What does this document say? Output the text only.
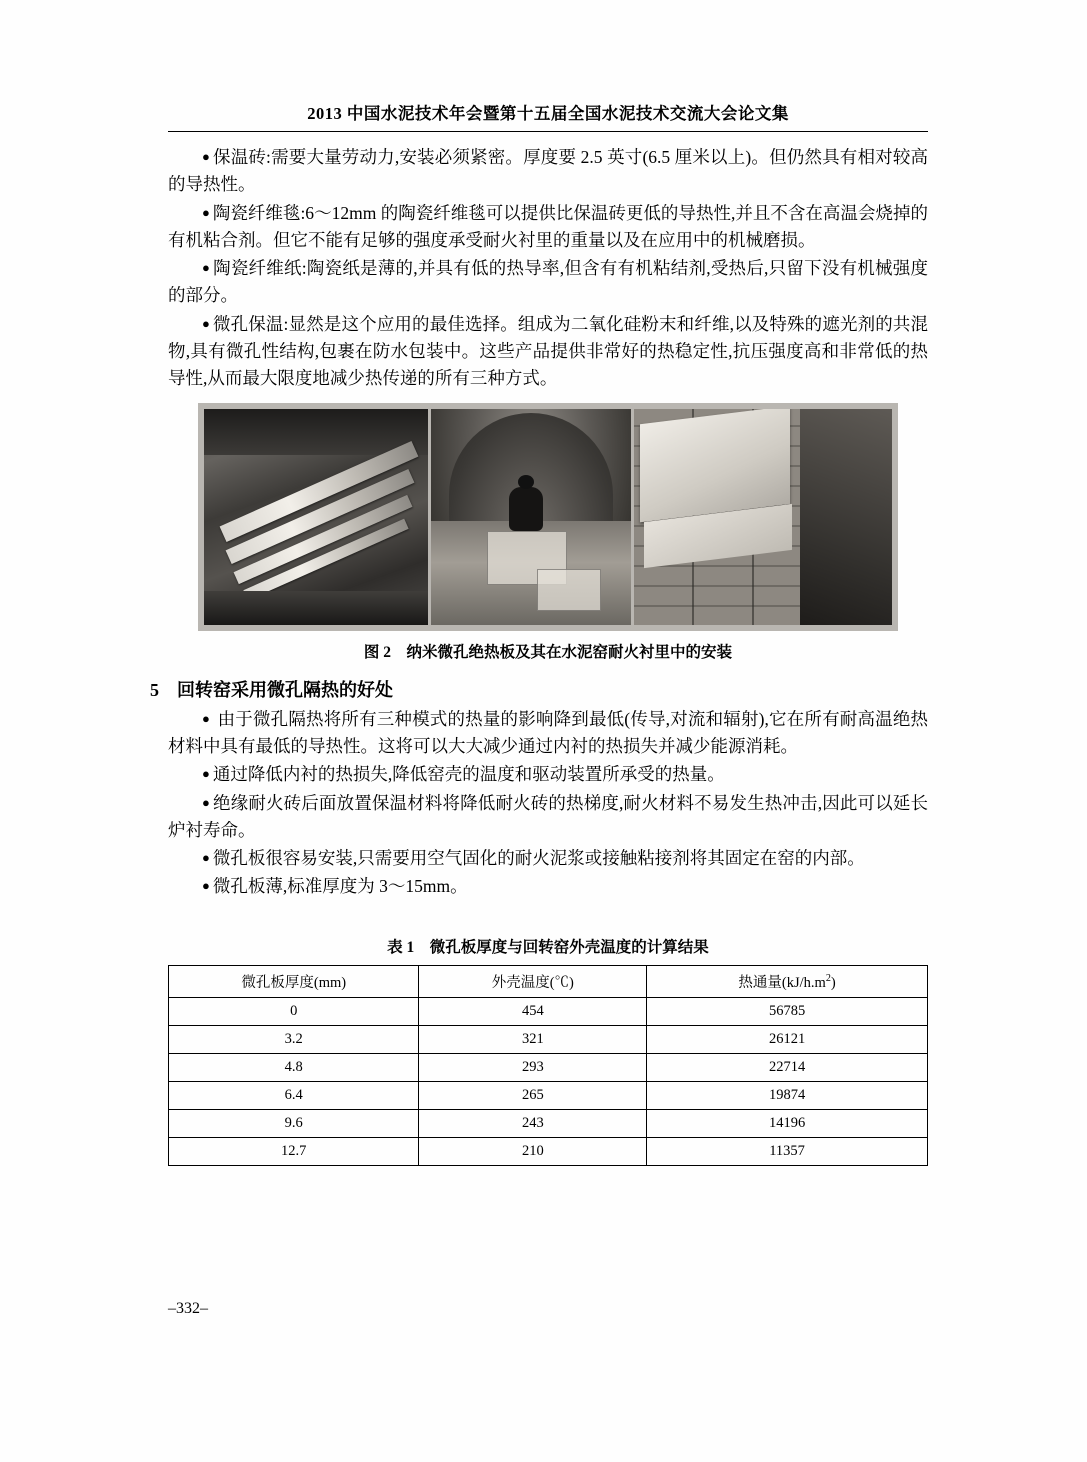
2013 中国水泥技术年会暨第十五届全国水泥技术交流大会论文集

● 保温砖:需要大量劳动力,安装必须紧密。厚度要 2.5 英寸(6.5 厘米以上)。但仍然具有相对较高的导热性。

● 陶瓷纤维毯:6～12mm 的陶瓷纤维毯可以提供比保温砖更低的导热性,并且不含在高温会烧掉的有机粘合剂。但它不能有足够的强度承受耐火衬里的重量以及在应用中的机械磨损。

● 陶瓷纤维纸:陶瓷纸是薄的,并具有低的热导率,但含有有机粘结剂,受热后,只留下没有机械强度的部分。

● 微孔保温:显然是这个应用的最佳选择。组成为二氧化硅粉末和纤维,以及特殊的遮光剂的共混物,具有微孔性结构,包裹在防水包装中。这些产品提供非常好的热稳定性,抗压强度高和非常低的热导性,从而最大限度地减少热传递的所有三种方式。

图 2　纳米微孔绝热板及其在水泥窑耐火衬里中的安装
5 回转窑采用微孔隔热的好处

● 由于微孔隔热将所有三种模式的热量的影响降到最低(传导,对流和辐射),它在所有耐高温绝热材料中具有最低的导热性。这将可以大大减少通过内衬的热损失并减少能源消耗。

● 通过降低内衬的热损失,降低窑壳的温度和驱动装置所承受的热量。

● 绝缘耐火砖后面放置保温材料将降低耐火砖的热梯度,耐火材料不易发生热冲击,因此可以延长炉衬寿命。

● 微孔板很容易安装,只需要用空气固化的耐火泥浆或接触粘接剂将其固定在窑的内部。

● 微孔板薄,标准厚度为 3～15mm。

表 1　微孔板厚度与回转窑外壳温度的计算结果
微孔板厚度(mm)	外壳温度(℃)	热通量$(kJ/h.m^2)$
0	454	56785
3.2	321	26121
4.8	293	22714
6.4	265	19874
9.6	243	14196
12.7	210	11357
–332–
